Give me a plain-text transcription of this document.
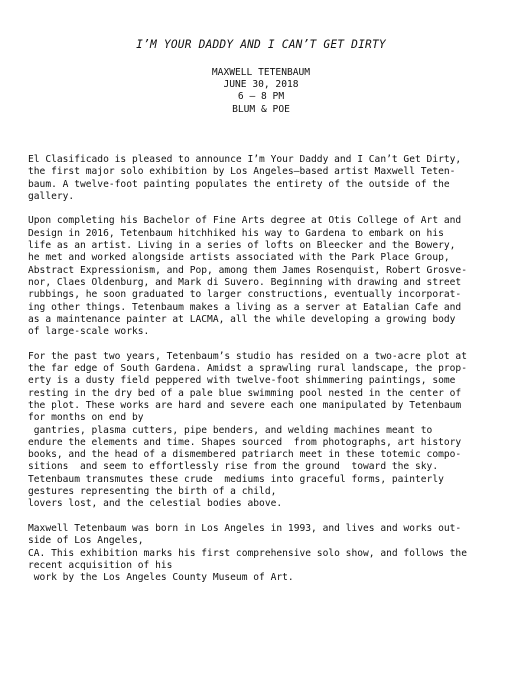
I’M YOUR DADDY AND I CAN’T GET DIRTY
MAXWELL TETENBAUM
JUNE 30, 2018
6 – 8 PM
BLUM & POE
El Clasificado is pleased to announce I’m Your Daddy and I Can’t Get Dirty,
the first major solo exhibition by Los Angeles–based artist Maxwell Teten-
baum. A twelve-foot painting populates the entirety of the outside of the
gallery.
Upon completing his Bachelor of Fine Arts degree at Otis College of Art and
Design in 2016, Tetenbaum hitchhiked his way to Gardena to embark on his
life as an artist. Living in a series of lofts on Bleecker and the Bowery,
he met and worked alongside artists associated with the Park Place Group,
Abstract Expressionism, and Pop, among them James Rosenquist, Robert Grosve-
nor, Claes Oldenburg, and Mark di Suvero. Beginning with drawing and street
rubbings, he soon graduated to larger constructions, eventually incorporat-
ing other things. Tetenbaum makes a living as a server at Eatalian Cafe and
as a maintenance painter at LACMA, all the while developing a growing body
of large-scale works.
For the past two years, Tetenbaum’s studio has resided on a two-acre plot at
the far edge of South Gardena. Amidst a sprawling rural landscape, the prop-
erty is a dusty field peppered with twelve-foot shimmering paintings, some
resting in the dry bed of a pale blue swimming pool nested in the center of
the plot. These works are hard and severe each one manipulated by Tetenbaum
for months on end by
gantries, plasma cutters, pipe benders, and welding machines meant to
endure the elements and time. Shapes sourced  from photographs, art history
books, and the head of a dismembered patriarch meet in these totemic compo-
sitions  and seem to effortlessly rise from the ground  toward the sky.
Tetenbaum transmutes these crude  mediums into graceful forms, painterly
gestures representing the birth of a child,
lovers lost, and the celestial bodies above.
Maxwell Tetenbaum was born in Los Angeles in 1993, and lives and works out-
side of Los Angeles,
CA. This exhibition marks his first comprehensive solo show, and follows the
recent acquisition of his
work by the Los Angeles County Museum of Art.
